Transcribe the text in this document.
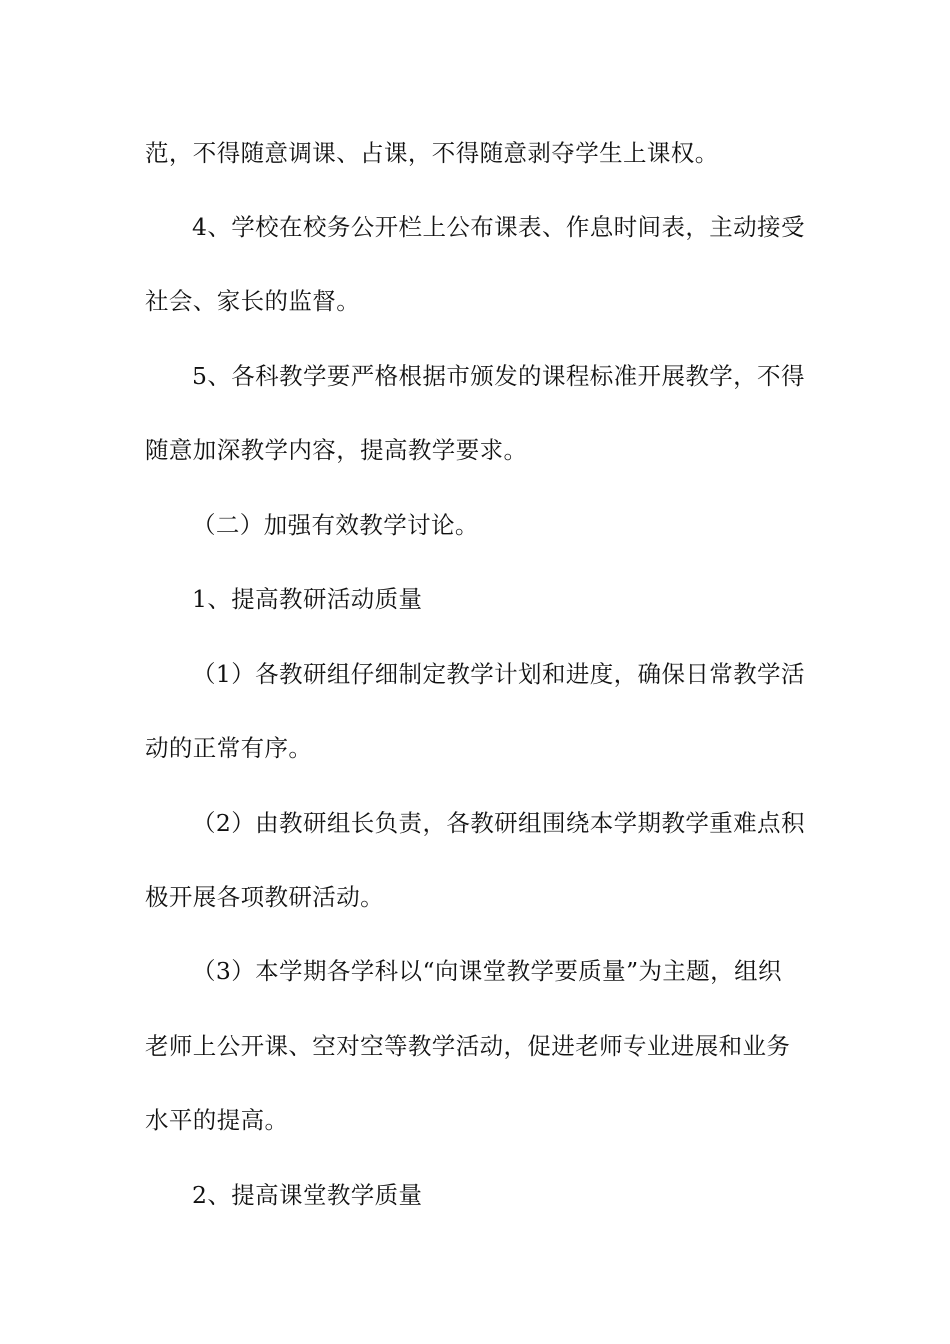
范，不得随意调课、占课，不得随意剥夺学生上课权。
4、学校在校务公开栏上公布课表、作息时间表，主动接受
社会、家长的监督。
5、各科教学要严格根据市颁发的课程标准开展教学，不得
随意加深教学内容，提高教学要求。
（二）加强有效教学讨论。
1、提高教研活动质量
（1）各教研组仔细制定教学计划和进度，确保日常教学活
动的正常有序。
（2）由教研组长负责，各教研组围绕本学期教学重难点积
极开展各项教研活动。
（3）本学期各学科以“向课堂教学要质量”为主题，组织
老师上公开课、空对空等教学活动，促进老师专业进展和业务
水平的提高。
2、提高课堂教学质量
